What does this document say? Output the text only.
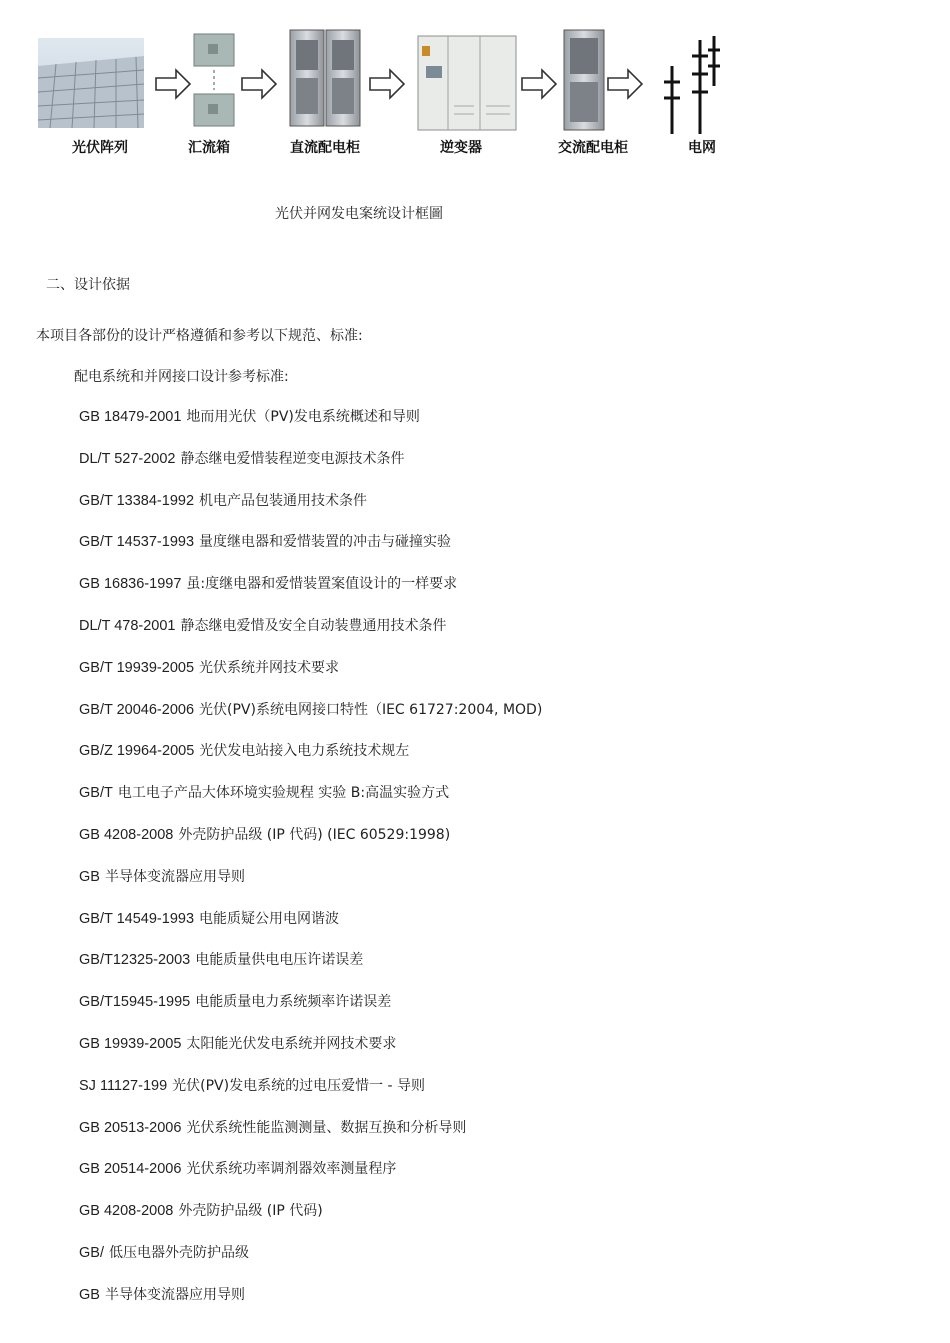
光伏阵列	汇流箱	直流配电柜	逆变器	交流配电柜	电网
光伏并网发电案统设计框圖
二、设计依据
本项目各部份的设计严格遵循和参考以下规范、标准:
配电系统和并网接口设计参考标准:
GB 18479-2001 地而用光伏（PV)发电系统概述和导则
DL/T 527-2002 静态继电爱惜装程逆变电源技术条件
GB/T 13384-1992 机电产品包装通用技术条件
GB/T 14537-1993 量度继电器和爱惜装置的冲击与碰撞实验
GB 16836-1997 虽:度继电器和爱惜装置案值设计的一样要求
DL/T 478-2001 静态继电爱惜及安全自动装豊通用技术条件
GB/T 19939-2005 光伏系统并网技术要求
GB/T 20046-2006 光伏(PV)系统电网接口特性（IEC 61727:2004, MOD)
GB/Z 19964-2005 光伏发电站接入电力系统技术规左
GB/T 电工电子产品大体环境实验规程 实验 B:高温实验方式
GB 4208-2008 外壳防护品级 (IP 代码) (IEC 60529:1998)
GB 半导体变流器应用导则
GB/T 14549-1993 电能质疑公用电网谐波
GB/T12325-2003 电能质量供电电压许诺误差
GB/T15945-1995 电能质量电力系统频率许诺误差
GB 19939-2005 太阳能光伏发电系统并网技术要求
SJ 11127-199 光伏(PV)发电系统的过电压爱惜一 - 导则
GB 20513-2006 光伏系统性能监测测量、数据互换和分析导则
GB 20514-2006 光伏系统功率调剂器效率测量程序
GB 4208-2008 外壳防护品级 (IP 代码)
GB/ 低压电器外壳防护品级
GB 半导体变流器应用导则
